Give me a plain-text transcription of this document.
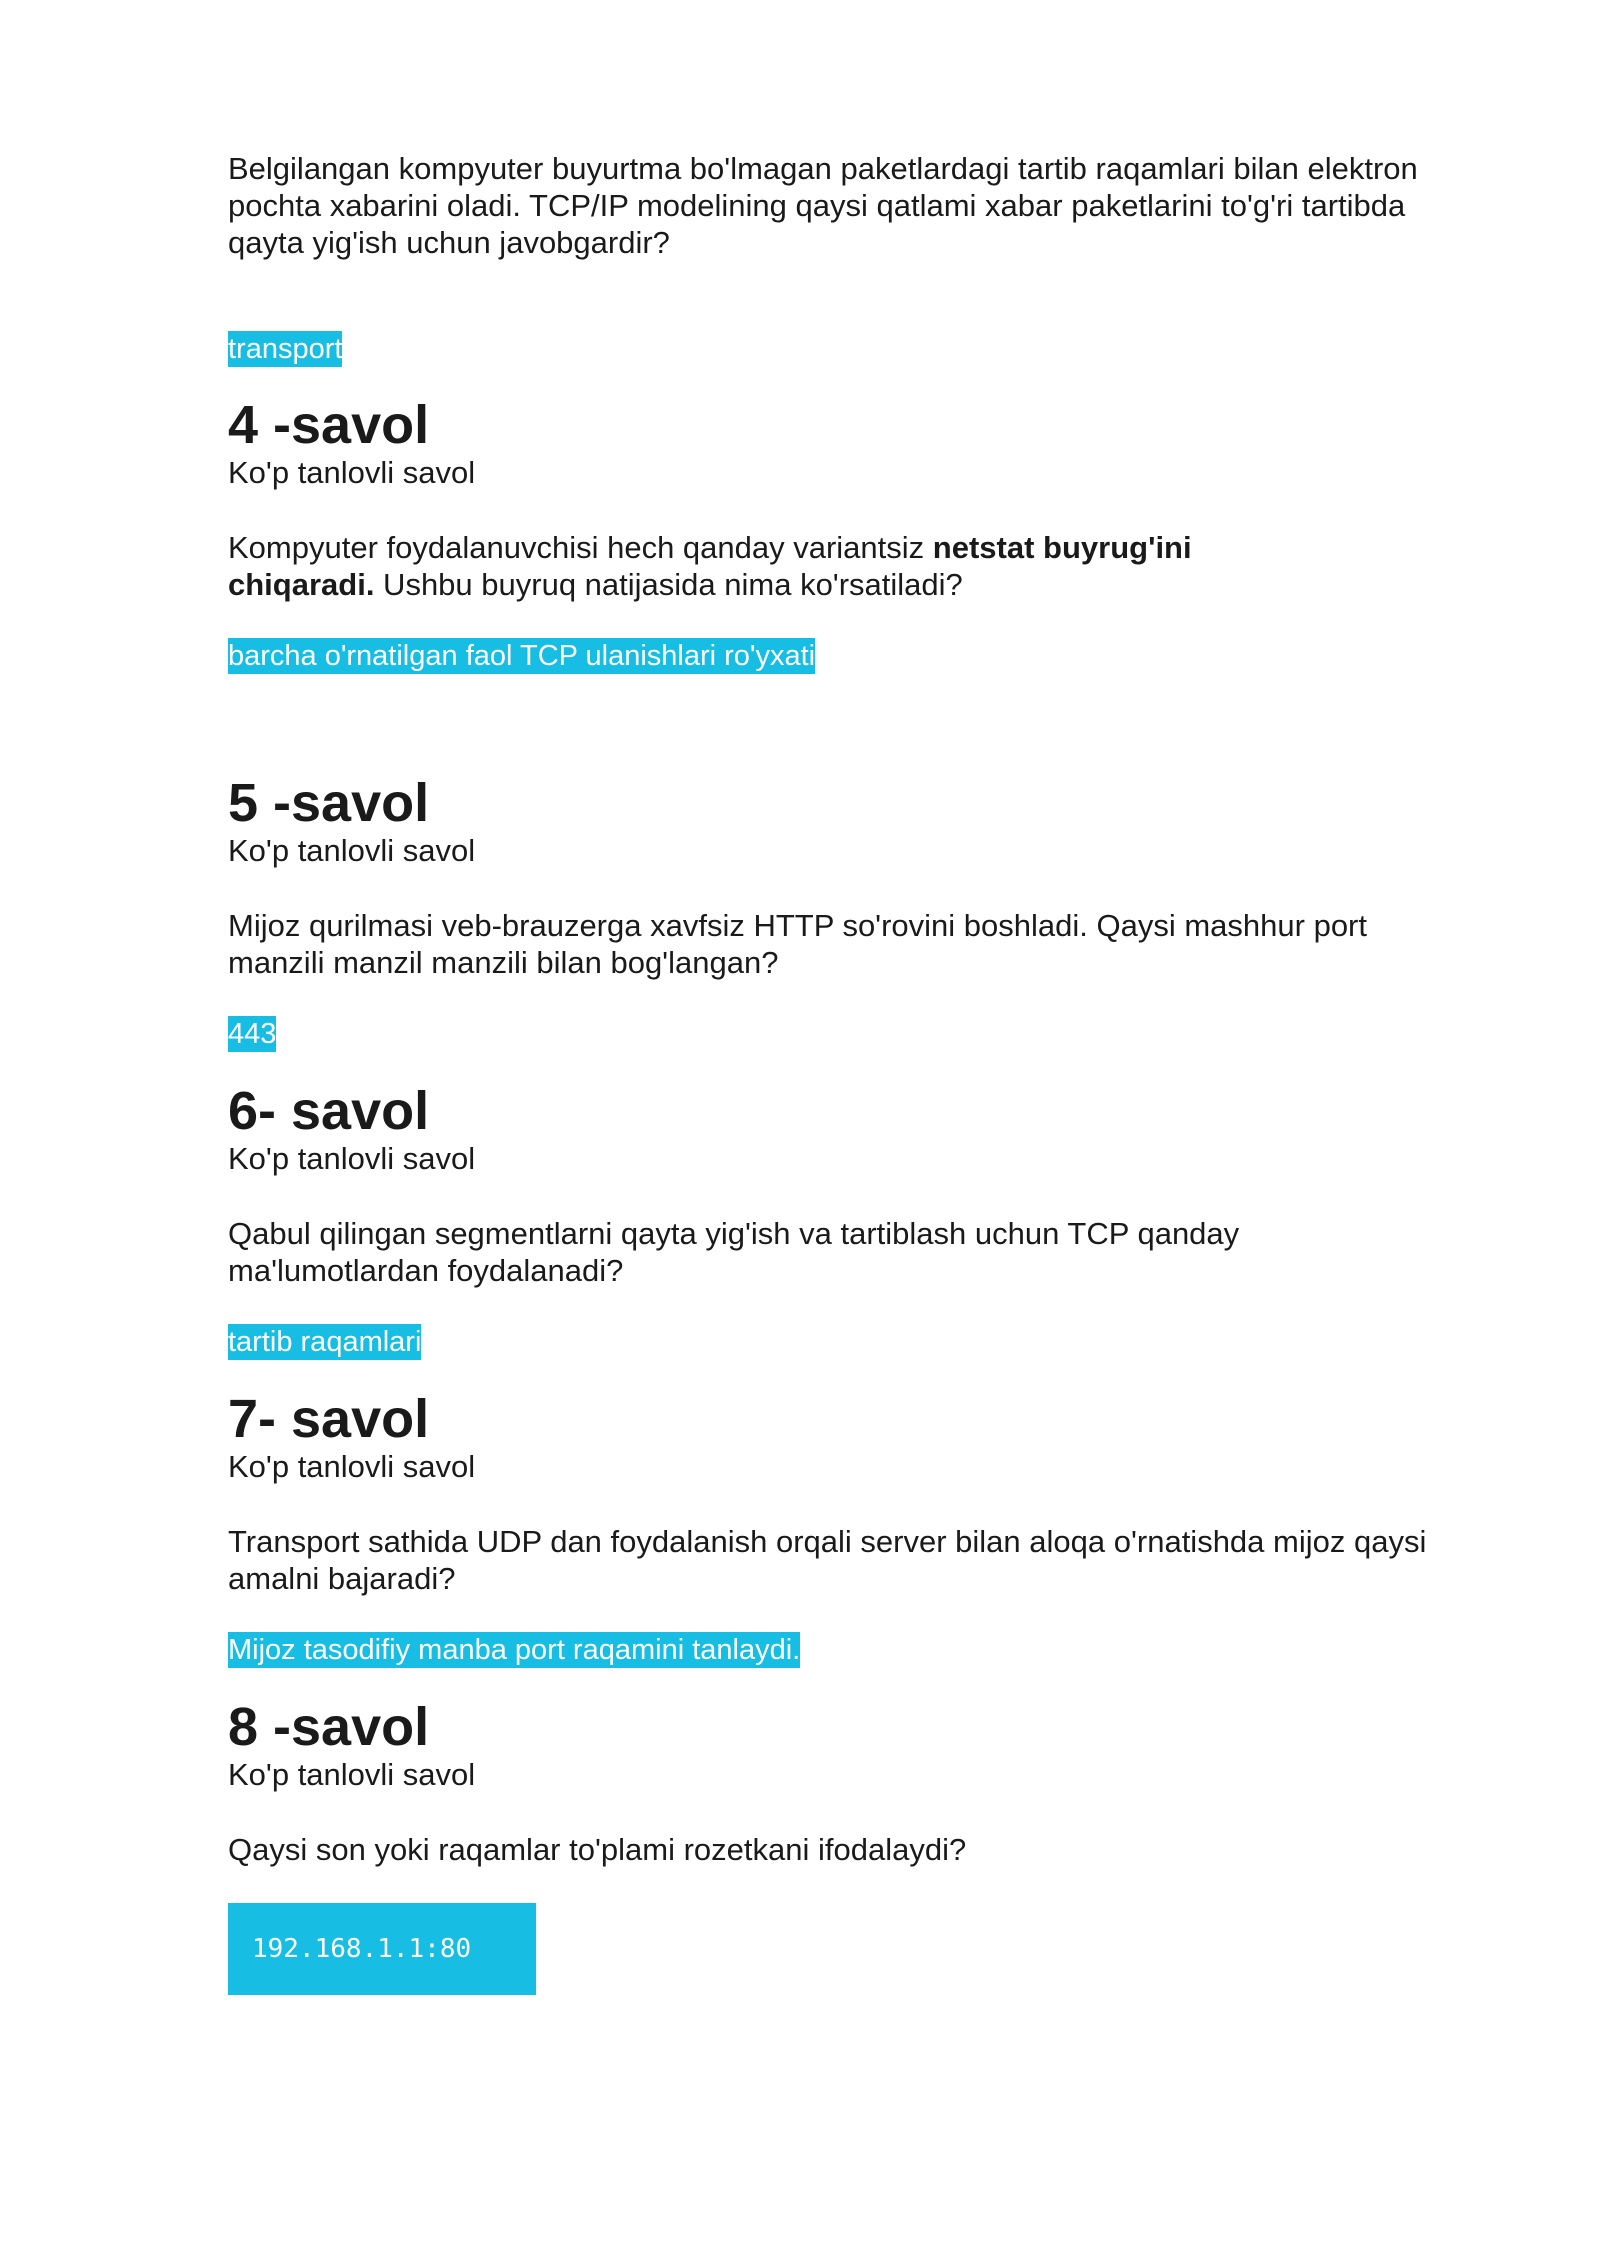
Belgilangan kompyuter buyurtma bo'lmagan paketlardagi tartib raqamlari bilan elektron pochta xabarini oladi. TCP/IP modelining qaysi qatlami xabar paketlarini to'g'ri tartibda qayta yig'ish uchun javobgardir?

transport
4 -savol

Ko'p tanlovli savol

Kompyuter foydalanuvchisi hech qanday variantsiz netstat buyrug'ini chiqaradi. Ushbu buyruq natijasida nima ko'rsatiladi?

barcha o'rnatilgan faol TCP ulanishlari ro'yxati
5 -savol

Ko'p tanlovli savol

Mijoz qurilmasi veb-brauzerga xavfsiz HTTP so'rovini boshladi. Qaysi mashhur port manzili manzil manzili bilan bog'langan?

443
6- savol

Ko'p tanlovli savol

Qabul qilingan segmentlarni qayta yig'ish va tartiblash uchun TCP qanday ma'lumotlardan foydalanadi?

tartib raqamlari
7- savol

Ko'p tanlovli savol

Transport sathida UDP dan foydalanish orqali server bilan aloqa o'rnatishda mijoz qaysi amalni bajaradi?

Mijoz tasodifiy manba port raqamini tanlaydi.
8 -savol

Ko'p tanlovli savol

Qaysi son yoki raqamlar to'plami rozetkani ifodalaydi?

192.168.1.1:80
